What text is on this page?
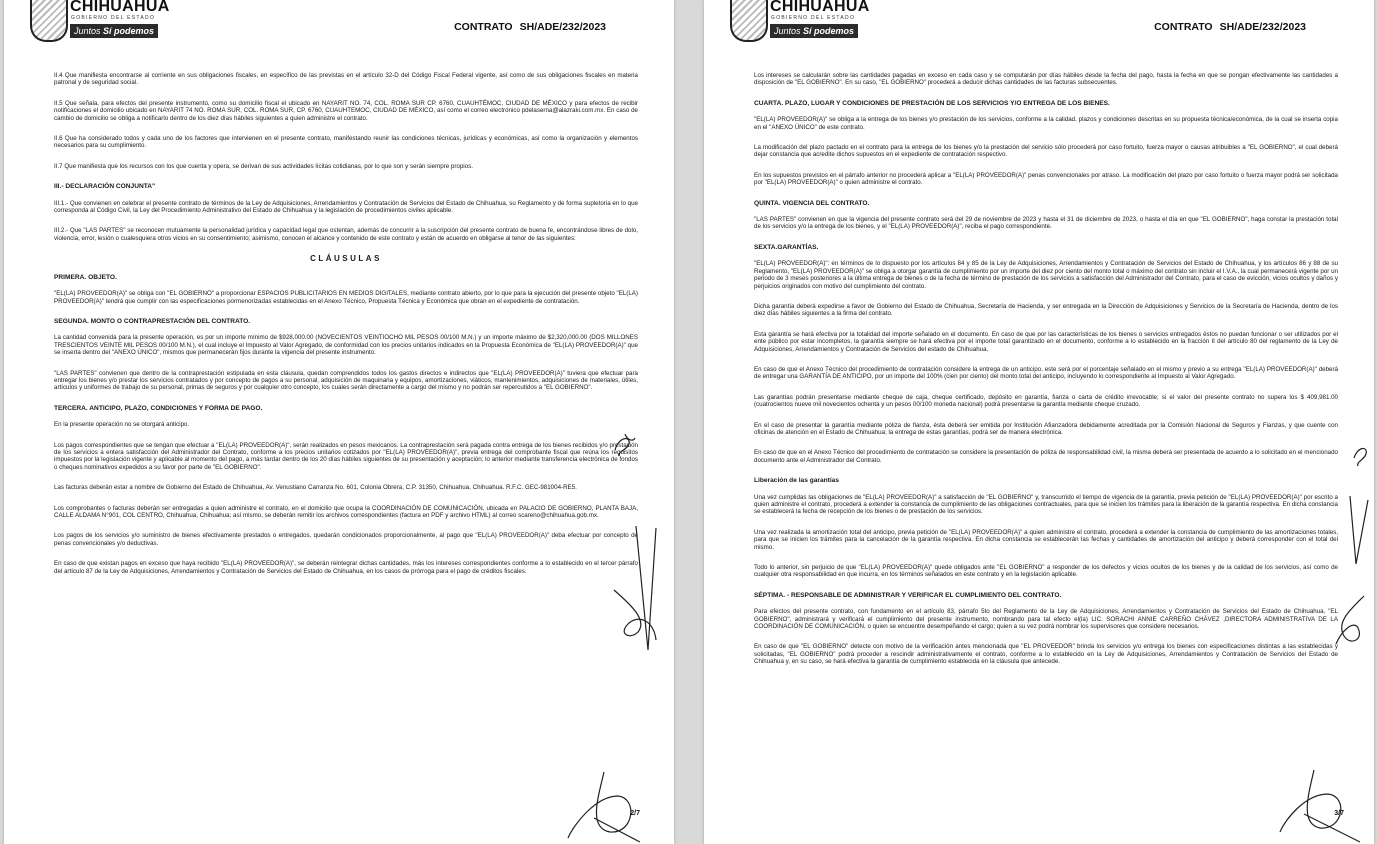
CHIHUAHUA
GOBIERNO DEL ESTADO
Juntos Sí podemos	CONTRATO SH/ADE/232/2023

II.4 Que manifiesta encontrarse al corriente en sus obligaciones fiscales, en específico de las previstas en el artículo 32-D del Código Fiscal Federal vigente, así como de sus obligaciones fiscales en materia patronal y de seguridad social.

II.5 Que señala, para efectos del presente instrumento, como su domicilio fiscal el ubicado en NAYARIT NO. 74, COL. ROMA SUR CP. 6760, CUAUHTÉMOC, CIUDAD DE MÉXICO y para efectos de recibir notificaciones el domicilio ubicado en NAYARIT 74 NO. ROMA SUR, COL. ROMA SUR, CP. 6760, CUAUHTEMOC, CIUDAD DE MÉXICO, así como el correo electrónico pdelaserna@alazraki.com.mx. En caso de cambio de domicilio se obliga a notificarlo dentro de los diez días hábiles siguientes a quien administre el contrato.

II.6 Que ha considerado todos y cada uno de los factores que intervienen en el presente contrato, manifestando reunir las condiciones técnicas, jurídicas y económicas, así como la organización y elementos necesarios para su cumplimiento.

II.7 Que manifiesta que los recursos con los que cuenta y opera, se derivan de sus actividades lícitas cotidianas, por lo que son y serán siempre propios.

III.- DECLARACIÓN CONJUNTA"

III.1.- Que convienen en celebrar el presente contrato de términos de la Ley de Adquisiciones, Arrendamientos y Contratación de Servicios del Estado de Chihuahua, su Reglamento y de forma supletoria en lo que corresponda al Código Civil, la Ley del Procedimiento Administrativo del Estado de Chihuahua y la legislación de procedimientos civiles aplicable.

III.2.- Que "LAS PARTES" se reconocen mutuamente la personalidad jurídica y capacidad legal que ostentan, además de concurrir a la suscripción del presente contrato de buena fe, encontrándose libres de dolo, violencia, error, lesión o cualesquiera otros vicios en su consentimiento; asimismo, conocen el alcance y contenido de este contrato y están de acuerdo en obligarse al tenor de las siguientes:

CLÁUSULAS
PRIMERA. OBJETO.

"EL(LA) PROVEEDOR(A)" se obliga con "EL GOBIERNO" a proporcionar ESPACIOS PUBLICITARIOS EN MEDIOS DIGITALES, mediante contrato abierto, por lo que para la ejecución del presente objeto "EL(LA) PROVEEDOR(A)" tendrá que cumplir con las especificaciones pormenorizadas establecidas en el Anexo Técnico, Propuesta Técnica y Económica que obran en el expediente de contratación.

SEGUNDA. MONTO O CONTRAPRESTACIÓN DEL CONTRATO.

La cantidad convenida para la presente operación, es por un importe mínimo de $928,000.00 (NOVECIENTOS VEINTIOCHO MIL PESOS 00/100 M.N.) y un importe máximo de $2,320,000.00 (DOS MILLONES TRESCIENTOS VEINTE MIL PESOS 00/100 M.N.), el cual incluye el Impuesto al Valor Agregado, de conformidad con los precios unitarios indicados en la Propuesta Económica de "EL(LA) PROVEEDOR(A)" que se inserta dentro del "ANEXO ÚNICO", mismos que permanecerán fijos durante la vigencia del presente instrumento.

"LAS PARTES" convienen que dentro de la contraprestación estipulada en esta cláusula, quedan comprendidos todos los gastos directos e indirectos que "EL(LA) PROVEEDOR(A)" tuviera que efectuar para entregar los bienes y/o prestar los servicios contratados y por concepto de pagos a su personal, adquisición de maquinaria y equipos, amortizaciones, viáticos, mantenimientos, adquisiciones de materiales, útiles, artículos y uniformes de trabajo de su personal, primas de seguros y por cualquier otro concepto, los cuales serán directamente a cargo del mismo y no podrán ser repercutidos a "EL GOBIERNO".

TERCERA. ANTICIPO, PLAZO, CONDICIONES Y FORMA DE PAGO.

En la presente operación no se otorgará anticipo.

Los pagos correspondientes que se tengan que efectuar a "EL(LA) PROVEEDOR(A)", serán realizados en pesos mexicanos. La contraprestación será pagada contra entrega de los bienes recibidos y/o prestación de los servicios a entera satisfacción del Administrador del Contrato, conforme a los precios unitarios cotizados por "EL(LA) PROVEEDOR(A)", previa entrega del comprobante fiscal que reúna los requisitos impuestos por la legislación vigente y aplicable al momento del pago, a más tardar dentro de los 20 días hábiles siguientes de su presentación y aceptación; lo anterior mediante transferencia electrónica de fondos o cheques nominativos expedidos a su favor por parte de "EL GOBIERNO".

Las facturas deberán estar a nombre de Gobierno del Estado de Chihuahua, Av. Venustiano Carranza No. 601, Colonia Obrera, C.P. 31350, Chihuahua, Chihuahua. R.F.C. GEC-981004-RE5.

Los comprobantes o facturas deberán ser entregadas a quien administre el contrato, en el domicilio que ocupa la COORDINACIÓN DE COMUNICACIÓN, ubicada en PALACIO DE GOBIERNO, PLANTA BAJA, CALLE ALDAMA N°901, COL CENTRO, Chihuahua, Chihuahua; así mismo, se deberán remitir los archivos correspondientes (factura en PDF y archivo HTML) al correo scareno@chihuahua.gob.mx.

Los pagos de los servicios y/o suministro de bienes efectivamente prestados o entregados, quedarán condicionados proporcionalmente, al pago que "EL(LA) PROVEEDOR(A)" deba efectuar por concepto de penas convencionales y/o deductivas.

En caso de que existan pagos en exceso que haya recibido "EL(LA) PROVEEDOR(A)", se deberán reintegrar dichas cantidades, más los intereses correspondientes conforme a lo establecido en el tercer párrafo del artículo 87 de la Ley de Adquisiciones, Arrendamientos y Contratación de Servicios del Estado de Chihuahua, en los casos de prórroga para el pago de créditos fiscales.

2/7
CHIHUAHUA
GOBIERNO DEL ESTADO
Juntos Sí podemos	CONTRATO SH/ADE/232/2023

Los intereses se calcularán sobre las cantidades pagadas en exceso en cada caso y se computarán por días hábiles desde la fecha del pago, hasta la fecha en que se pongan efectivamente las cantidades a disposición de "EL GOBIERNO". En su caso, "EL GOBIERNO" procederá a deducir dichas cantidades de las facturas subsecuentes.

CUARTA. PLAZO, LUGAR Y CONDICIONES DE PRESTACIÓN DE LOS SERVICIOS Y/O ENTREGA DE LOS BIENES.

"EL(LA) PROVEEDOR(A)" se obliga a la entrega de los bienes y/o prestación de los servicios, conforme a la calidad, plazos y condiciones descritas en su propuesta técnica/económica, de la cual se inserta copia en el "ANEXO ÚNICO" de este contrato.

La modificación del plazo pactado en el contrato para la entrega de los bienes y/o la prestación del servicio sólo procederá por caso fortuito, fuerza mayor o causas atribuibles a "EL GOBIERNO", el cual deberá dejar constancia que acredite dichos supuestos en el expediente de contratación respectivo.

En los supuestos previstos en el párrafo anterior no procederá aplicar a "EL(LA) PROVEEDOR(A)" penas convencionales por atraso. La modificación del plazo por caso fortuito o fuerza mayor podrá ser solicitada por "EL(LA) PROVEEDOR(A)" o quien administre el contrato.

QUINTA. VIGENCIA DEL CONTRATO.

"LAS PARTES" convienen en que la vigencia del presente contrato será del 29 de noviembre de 2023 y hasta el 31 de diciembre de 2023, o hasta el día en que "EL GOBIERNO", haga constar la prestación total de los servicios y/o la entrega de los bienes, y el "EL(LA) PROVEEDOR(A)", reciba el pago correspondiente.

SEXTA.GARANTÍAS.

"EL(LA) PROVEEDOR(A)": en términos de lo dispuesto por los artículos 84 y 85 de la Ley de Adquisiciones, Arrendamientos y Contratación de Servicios del Estado de Chihuahua, y los artículos 86 y 88 de su Reglamento, "EL(LA) PROVEEDOR(A)" se obliga a otorgar garantía de cumplimiento por un importe del diez por ciento del monto total o máximo del contrato sin incluir el I.V.A., la cual permanecerá vigente por un periodo de 3 meses posteriores a la última entrega de bienes o de la fecha de término de prestación de los servicios a satisfacción del Administrador del Contrato, para el caso de evicción, vicios ocultos y daños y perjuicios originados con motivo del cumplimiento del contrato.

Dicha garantía deberá expedirse a favor de Gobierno del Estado de Chihuahua, Secretaría de Hacienda, y ser entregada en la Dirección de Adquisiciones y Servicios de la Secretaría de Hacienda, dentro de los diez días hábiles siguientes a la firma del contrato.

Esta garantía se hará efectiva por la totalidad del importe señalado en el documento. En caso de que por las características de los bienes o servicios entregados éstos no puedan funcionar o ser utilizados por el ente público por estar incompletos, la garantía siempre se hará efectiva por el importe total garantizado en el documento, conforme a lo establecido en la fracción II del artículo 80 del reglamento de la Ley de Adquisiciones, Arrendamientos y Contratación de Servicios del estado de Chihuahua.

En caso de que el Anexo Técnico del procedimiento de contratación considere la entrega de un anticipo, este será por el porcentaje señalado en el mismo y previo a su entrega "EL(LA) PROVEEDOR(A)" deberá de entregar una GARANTÍA DE ANTICIPO, por un importe del 100% (cien por ciento) del monto total del anticipo, incluyendo lo correspondiente al Impuesto al Valor Agregado.

Las garantías podrán presentarse mediante cheque de caja, cheque certificado, depósito en garantía, fianza o carta de crédito irrevocable; si el valor del presente contrato no supera los $ 409,981.00 (cuatrocientos nueve mil novecientos ochenta y un pesos 00/100 moneda nacional) podrá presentarse la garantía mediante cheque cruzado.

En el caso de presentar la garantía mediante póliza de fianza, ésta deberá ser emitida por Institución Afianzadora debidamente acreditada por la Comisión Nacional de Seguros y Fianzas, y que cuente con oficinas de atención en el Estado de Chihuahua; la entrega de estas garantías, podrá ser de manera electrónica.

En caso de que en el Anexo Técnico del procedimiento de contratación se considere la presentación de póliza de responsabilidad civil, la misma deberá ser presentada de acuerdo a lo solicitado en el mencionado documento ante el Administrador del Contrato.

Liberación de las garantías

Una vez cumplidas las obligaciones de "EL(LA) PROVEEDOR(A)" a satisfacción de "EL GOBIERNO" y, transcurrido el tiempo de vigencia de la garantía, previa petición de "EL(LA) PROVEEDOR(A)" por escrito a quien administre el contrato, procederá a extender la constancia de cumplimiento de las obligaciones contractuales, para que se inicien los trámites para la liberación de la garantía respectiva. En dicha constancia se establecerá la fecha de recepción de los bienes o de prestación de los servicios.

Una vez realizada la amortización total del anticipo, previa petición de "EL(LA) PROVEEDOR(A)" a quien administre el contrato, procederá a extender la constancia de cumplimiento de las amortizaciones totales, para que se inicien los trámites para la cancelación de la garantía respectiva. En dicha constancia se establecerán las fechas y cantidades de amortización del anticipo y deberá corresponder con el total del mismo.

Todo lo anterior, sin perjuicio de que "EL(LA) PROVEEDOR(A)" quede obligados ante "EL GOBIERNO" a responder de los defectos y vicios ocultos de los bienes y de la calidad de los servicios, así como de cualquier otra responsabilidad en que incurra, en los términos señalados en este contrato y en la legislación aplicable.

SÉPTIMA. - RESPONSABLE DE ADMINISTRAR Y VERIFICAR EL CUMPLIMIENTO DEL CONTRATO.

Para efectos del presente contrato, con fundamento en el artículo 83, párrafo 5to del Reglamento de la Ley de Adquisiciones, Arrendamientos y Contratación de Servicios del Estado de Chihuahua, "EL GOBIERNO", administrará y verificará el cumplimiento del presente instrumento, nombrando para tal efecto el(la) LIC. SORACHI ANNIE CARREÑO CHÁVEZ ,DIRECTORA ADMINISTRATIVA DE LA COORDINACIÓN DE COMUNICACIÓN, o quien se encuentre desempeñando el cargo; quien a su vez podrá nombrar los supervisores que considere necesarios.

En caso de que "EL GOBIERNO" detecte con motivo de la verificación antes mencionada que "EL PROVEEDOR" brinda los servicios y/o entrega los bienes con especificaciones distintas a las establecidas y solicitadas, "EL GOBIERNO" podrá proceder a rescindir administrativamente el contrato, conforme a lo establecido en la Ley de Adquisiciones, Arrendamientos y Contratación de Servicios del Estado de Chihuahua y, en su caso, se hará efectiva la garantía de cumplimiento establecida en la cláusula que antecede.

3/7
